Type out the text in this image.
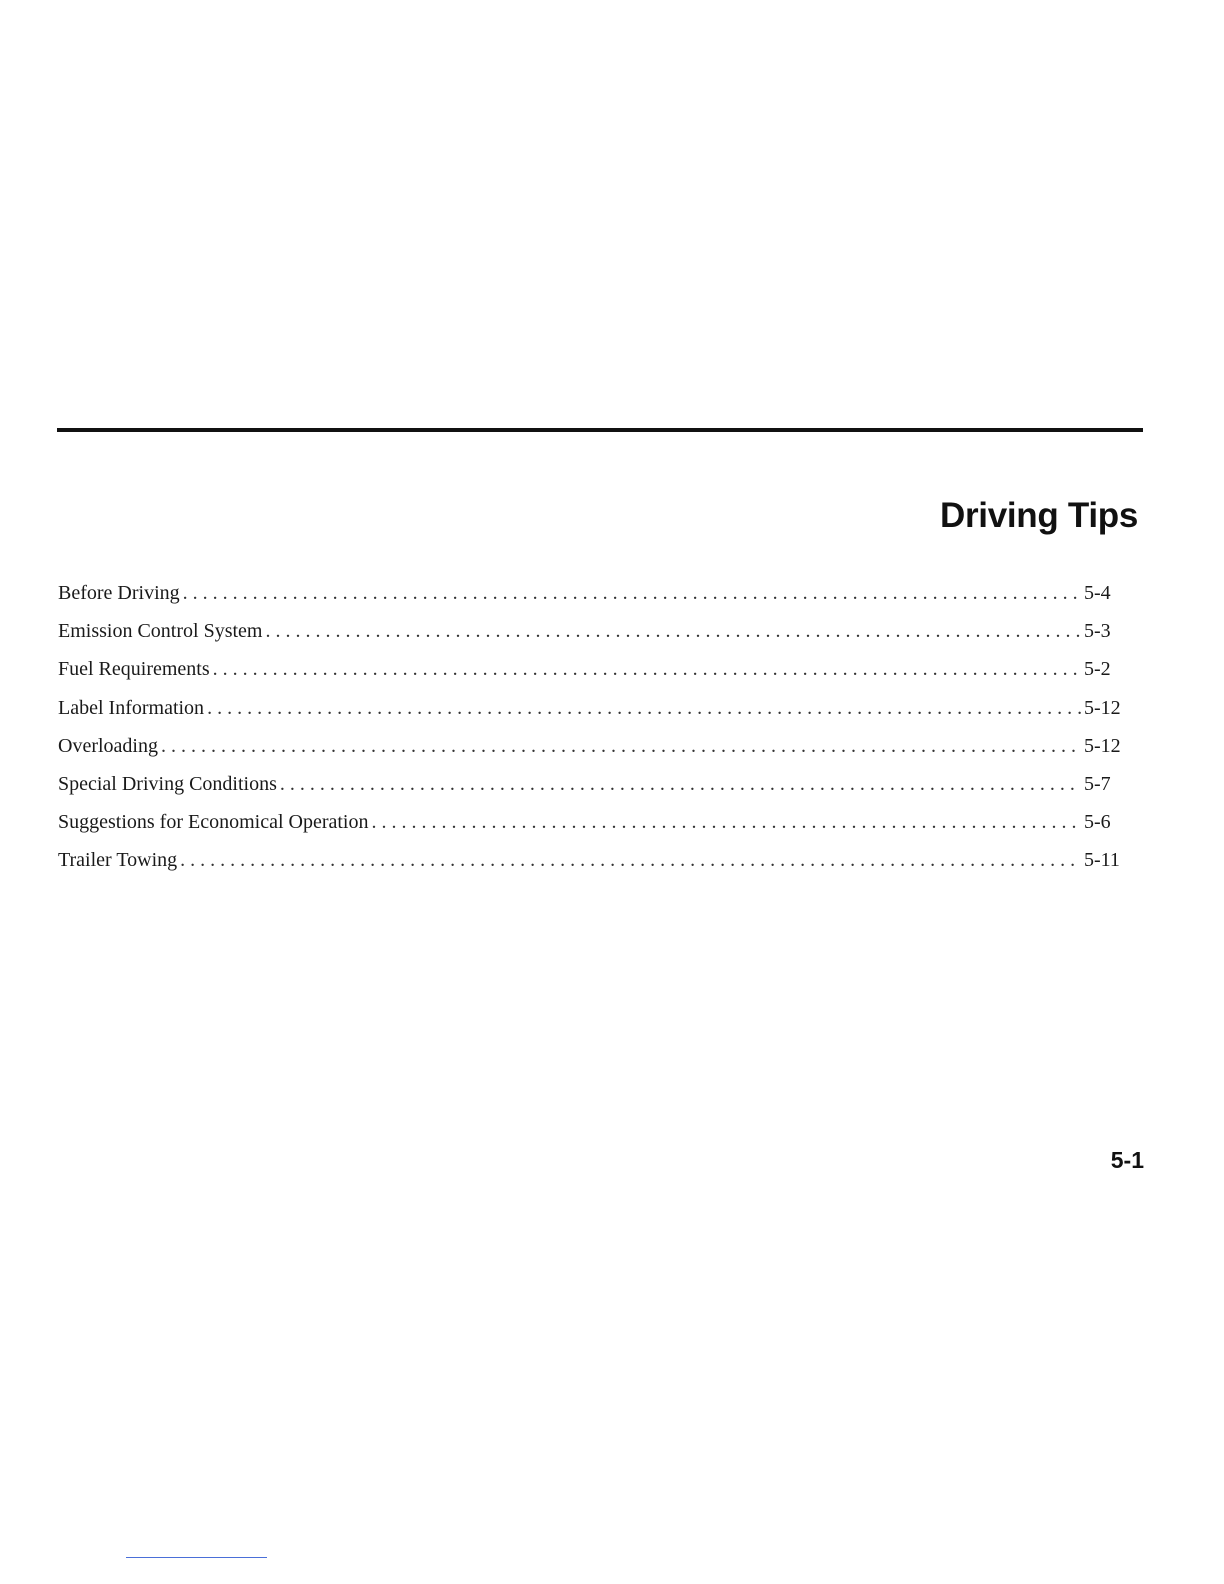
Driving Tips
Before Driving . . .	5-4
Emission Control System . . .	5-3
Fuel Requirements . . .	5-2
Label Information . . .	5-12
Overloading . . .	5-12
Special Driving Conditions . . .	5-7
Suggestions for Economical Operation . . .	5-6
Trailer Towing . . .	5-11
5-1
